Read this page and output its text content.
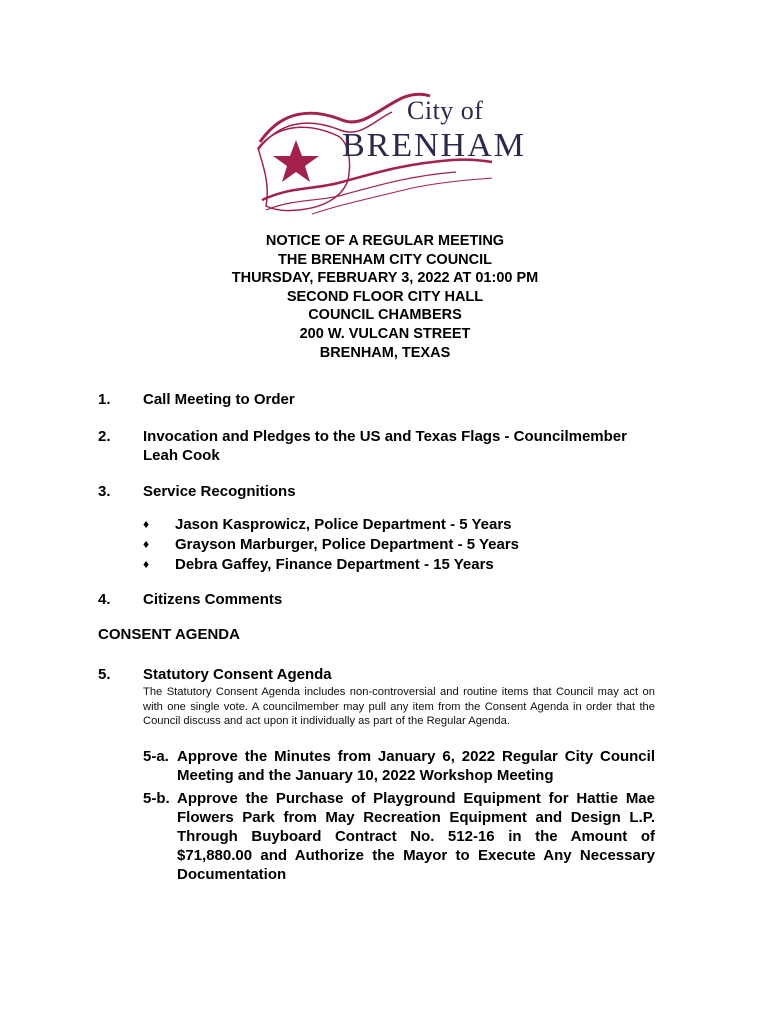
City of
BRENHAM
NOTICE OF A REGULAR MEETING
THE BRENHAM CITY COUNCIL
THURSDAY, FEBRUARY 3, 2022 AT 01:00 PM
SECOND FLOOR CITY HALL
COUNCIL CHAMBERS
200 W. VULCAN STREET
BRENHAM, TEXAS
1.	Call Meeting to Order
2.	Invocation and Pledges to the US and Texas Flags - Councilmember Leah Cook
3.	Service Recognitions
♦ Jason Kasprowicz, Police Department - 5 Years
♦ Grayson Marburger, Police Department - 5 Years
♦ Debra Gaffey, Finance Department - 15 Years
4.	Citizens Comments
CONSENT AGENDA
5.	Statutory Consent Agenda
The Statutory Consent Agenda includes non-controversial and routine items that Council may act on with one single vote. A councilmember may pull any item from the Consent Agenda in order that the Council discuss and act upon it individually as part of the Regular Agenda.
5-a. Approve the Minutes from January 6, 2022 Regular City Council Meeting and the January 10, 2022 Workshop Meeting
5-b. Approve the Purchase of Playground Equipment for Hattie Mae Flowers Park from May Recreation Equipment and Design L.P. Through Buyboard Contract No. 512-16 in the Amount of $71,880.00 and Authorize the Mayor to Execute Any Necessary Documentation
